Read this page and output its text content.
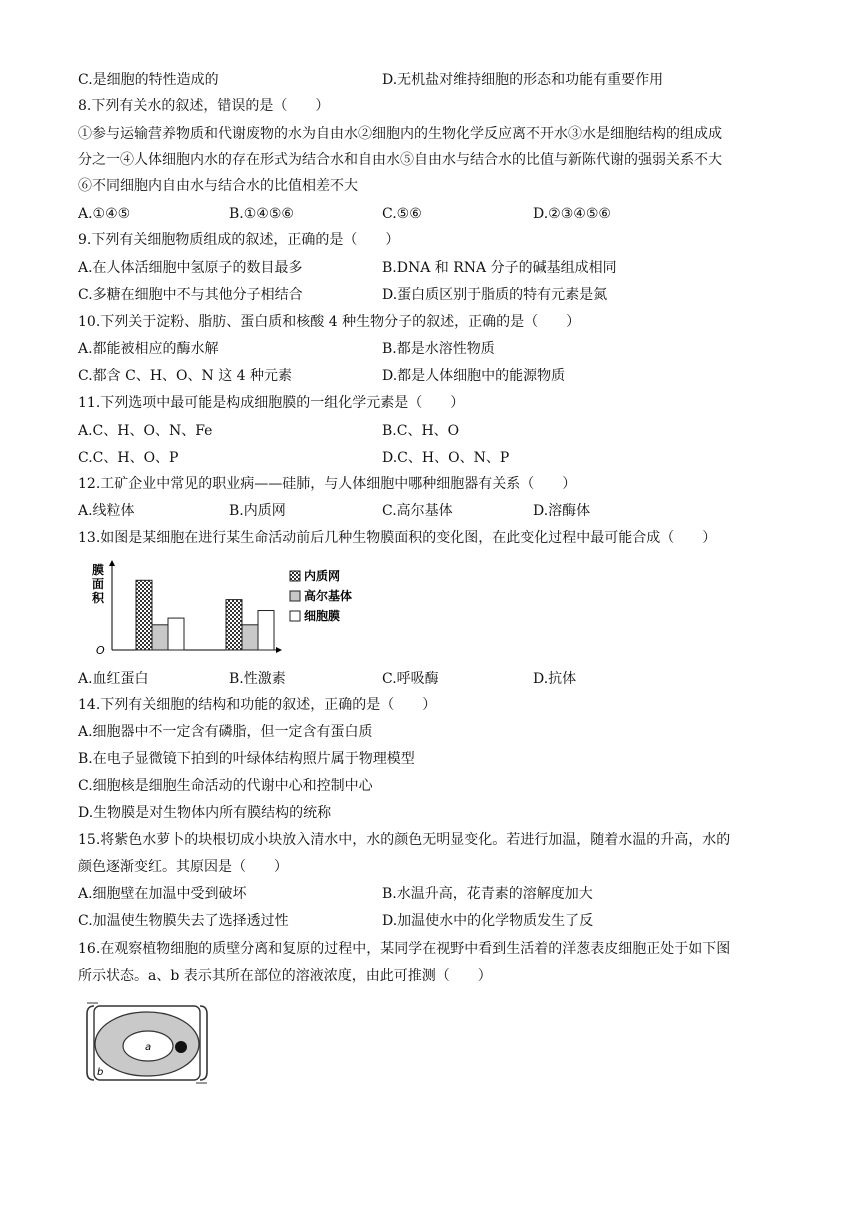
C.是细胞的特性造成的	D.无机盐对维持细胞的形态和功能有重要作用
8.下列有关水的叙述，错误的是（　　）
①参与运输营养物质和代谢废物的水为自由水②细胞内的生物化学反应离不开水③水是细胞结构的组成成
分之一④人体细胞内水的存在形式为结合水和自由水⑤自由水与结合水的比值与新陈代谢的强弱关系不大
⑥不同细胞内自由水与结合水的比值相差不大
A.①④⑤	B.①④⑤⑥	C.⑤⑥	D.②③④⑤⑥
9.下列有关细胞物质组成的叙述，正确的是（　　）
A.在人体活细胞中氢原子的数目最多	B.DNA 和 RNA 分子的碱基组成相同
C.多糖在细胞中不与其他分子相结合	D.蛋白质区别于脂质的特有元素是氮
10.下列关于淀粉、脂肪、蛋白质和核酸 4 种生物分子的叙述，正确的是（　　）
A.都能被相应的酶水解	B.都是水溶性物质
C.都含 C、H、O、N 这 4 种元素	D.都是人体细胞中的能源物质
11.下列选项中最可能是构成细胞膜的一组化学元素是（　　）
A.C、H、O、N、Fe	B.C、H、O
C.C、H、O、P	D.C、H、O、N、P
12.工矿企业中常见的职业病——硅肺，与人体细胞中哪种细胞器有关系（　　）
A.线粒体	B.内质网	C.高尔基体	D.溶酶体
13.如图是某细胞在进行某生命活动前后几种生物膜面积的变化图，在此变化过程中最可能合成（　　）
膜
面
积
O
内质网
高尔基体
细胞膜
A.血红蛋白	B.性激素	C.呼吸酶	D.抗体
14.下列有关细胞的结构和功能的叙述，正确的是（　　）
A.细胞器中不一定含有磷脂，但一定含有蛋白质
B.在电子显微镜下拍到的叶绿体结构照片属于物理模型
C.细胞核是细胞生命活动的代谢中心和控制中心
D.生物膜是对生物体内所有膜结构的统称
15.将紫色水萝卜的块根切成小块放入清水中，水的颜色无明显变化。若进行加温，随着水温的升高，水的
颜色逐渐变红。其原因是（　　）
A.细胞壁在加温中受到破坏	B.水温升高，花青素的溶解度加大
C.加温使生物膜失去了选择透过性	D.加温使水中的化学物质发生了反
16.在观察植物细胞的质壁分离和复原的过程中，某同学在视野中看到生活着的洋葱表皮细胞正处于如下图
所示状态。a、b 表示其所在部位的溶液浓度，由此可推测（　　）
a
b
